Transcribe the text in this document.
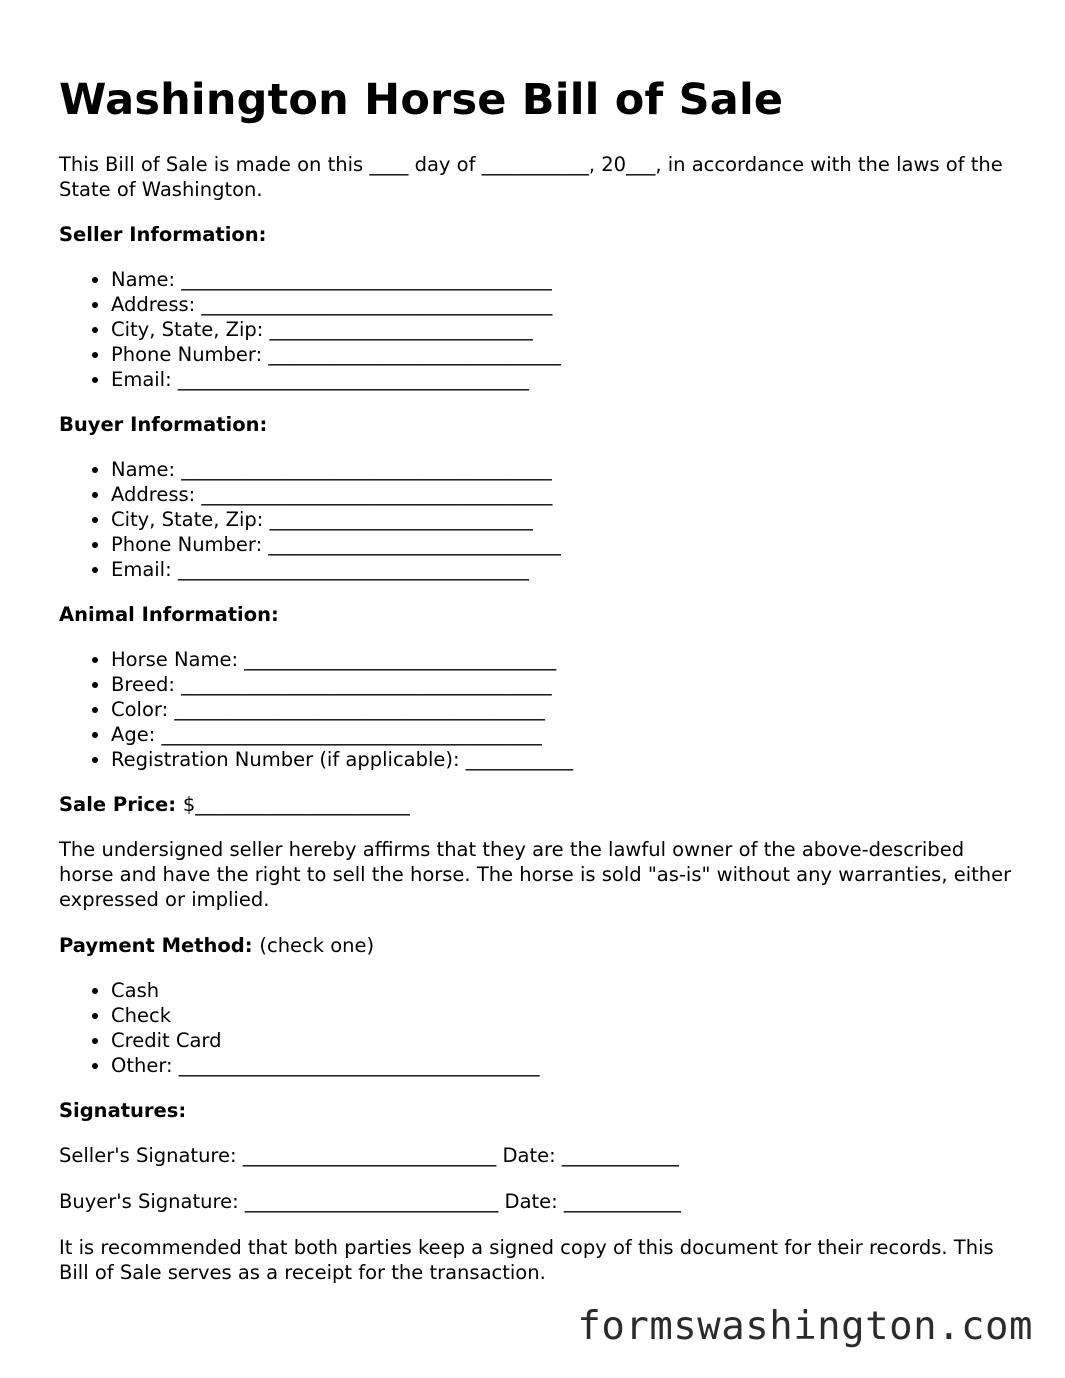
Washington Horse Bill of Sale

This Bill of Sale is made on this ____ day of ___________, 20___, in accordance with the laws of the State of Washington.

Seller Information:
• Name: ______________________________________
• Address: ____________________________________
• City, State, Zip: ___________________________
• Phone Number: ______________________________
• Email: ____________________________________
Buyer Information:
• Name: ______________________________________
• Address: ____________________________________
• City, State, Zip: ___________________________
• Phone Number: ______________________________
• Email: ____________________________________
Animal Information:
• Horse Name: ________________________________
• Breed: ______________________________________
• Color: ______________________________________
• Age: _______________________________________
• Registration Number (if applicable): ___________
Sale Price: $______________________

The undersigned seller hereby affirms that they are the lawful owner of the above-described horse and have the right to sell the horse. The horse is sold "as-is" without any warranties, either expressed or implied.

Payment Method: (check one)
• Cash
• Check
• Credit Card
• Other: _____________________________________
Signatures:
Seller's Signature: __________________________ Date: ____________
Buyer's Signature: __________________________ Date: ____________

It is recommended that both parties keep a signed copy of this document for their records. This Bill of Sale serves as a receipt for the transaction.

formswashington.com
